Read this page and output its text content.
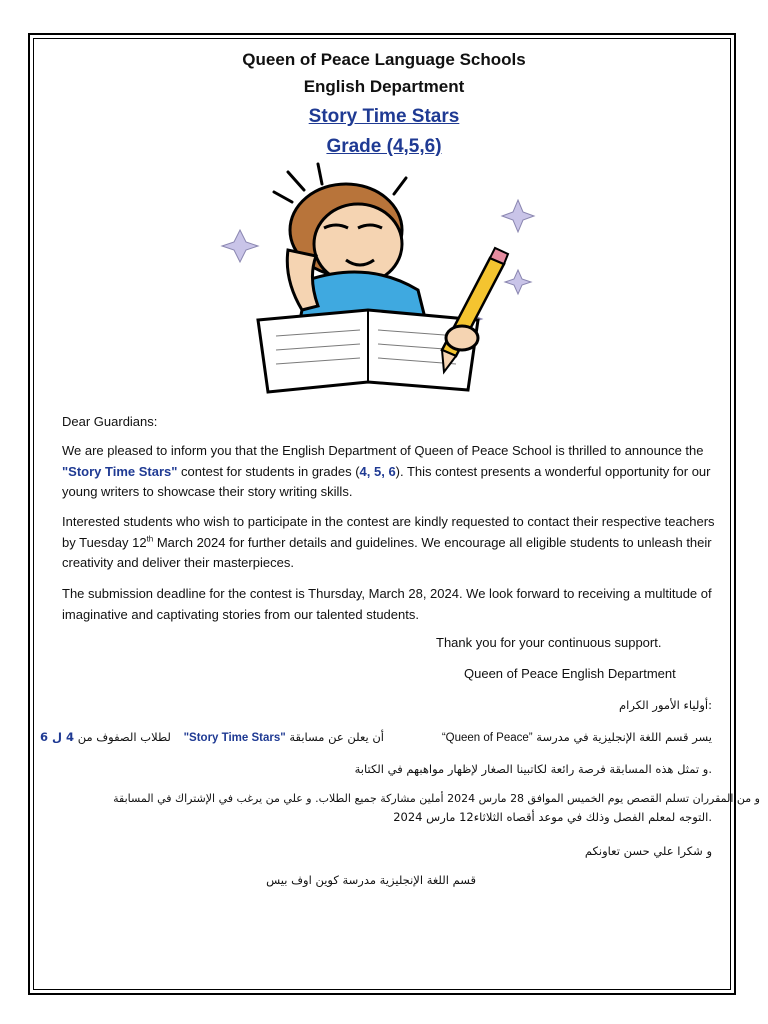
Queen of Peace Language Schools
English Department
Story Time Stars
Grade (4,5,6)
Dear Guardians:
We are pleased to inform you that the English Department of Queen of Peace School is thrilled to announce the "Story Time Stars" contest for students in grades (4, 5, 6). This contest presents a wonderful opportunity for our young writers to showcase their story writing skills.
Interested students who wish to participate in the contest are kindly requested to contact their respective teachers by Tuesday 12th March 2024 for further details and guidelines. We encourage all eligible students to unleash their creativity and deliver their masterpieces.
The submission deadline for the contest is Thursday, March 28, 2024. We look forward to receiving a multitude of imaginative and captivating stories from our talented students.
Thank you for your continuous support.
Queen of Peace English Department
:أولياء الأمور الكرام
يسر قسم اللغة الإنجليزية في مدرسة “Queen of Peace”
أن يعلن عن مسابقة "Story Time Stars"
لطلاب الصفوف من 4 ل 6
.و تمثل هذه المسابقة فرصة رائعة لكاتبينا الصغار لإظهار مواهبهم في الكتابة
و من المقرران تسلم القصص يوم الخميس الموافق 28 مارس 2024 أملين مشاركة جميع الطلاب. و علي من يرغب في الإشتراك في المسابقة
.التوجه لمعلم الفصل وذلك في موعد أقصاه الثلاثاء12 مارس 2024
و شكرا علي حسن تعاونكم
قسم اللغة الإنجليزية مدرسة كوين اوف بيس
